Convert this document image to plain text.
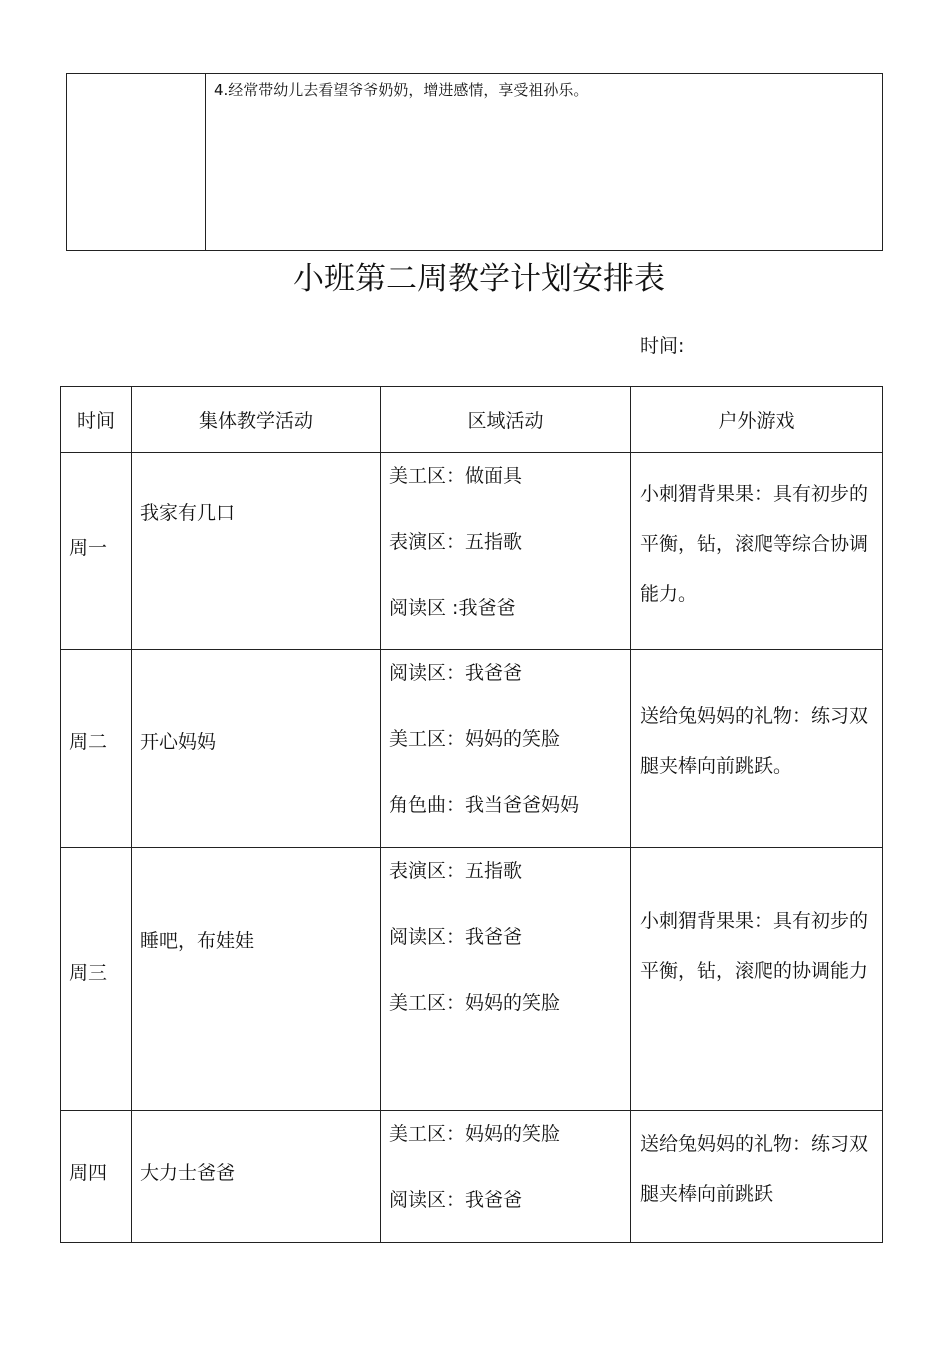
	4.经常带幼儿去看望爷爷奶奶，增进感情，享受祖孙乐。
小班第二周教学计划安排表
时间:
时间	集体教学活动	区域活动	户外游戏

周一	我家有几口	美工区：做面具
表演区：五指歌
阅读区 :我爸爸	小刺猬背果果：具有初步的平衡，钻，滚爬等综合协调能力。

周二	开心妈妈	阅读区：我爸爸
美工区：妈妈的笑脸
角色曲：我当爸爸妈妈	送给兔妈妈的礼物：练习双腿夹棒向前跳跃。

周三	睡吧，布娃娃	表演区：五指歌
阅读区：我爸爸
美工区：妈妈的笑脸	小刺猬背果果：具有初步的平衡，钻，滚爬的协调能力

周四	大力士爸爸	美工区：妈妈的笑脸
阅读区：我爸爸	送给兔妈妈的礼物：练习双腿夹棒向前跳跃
